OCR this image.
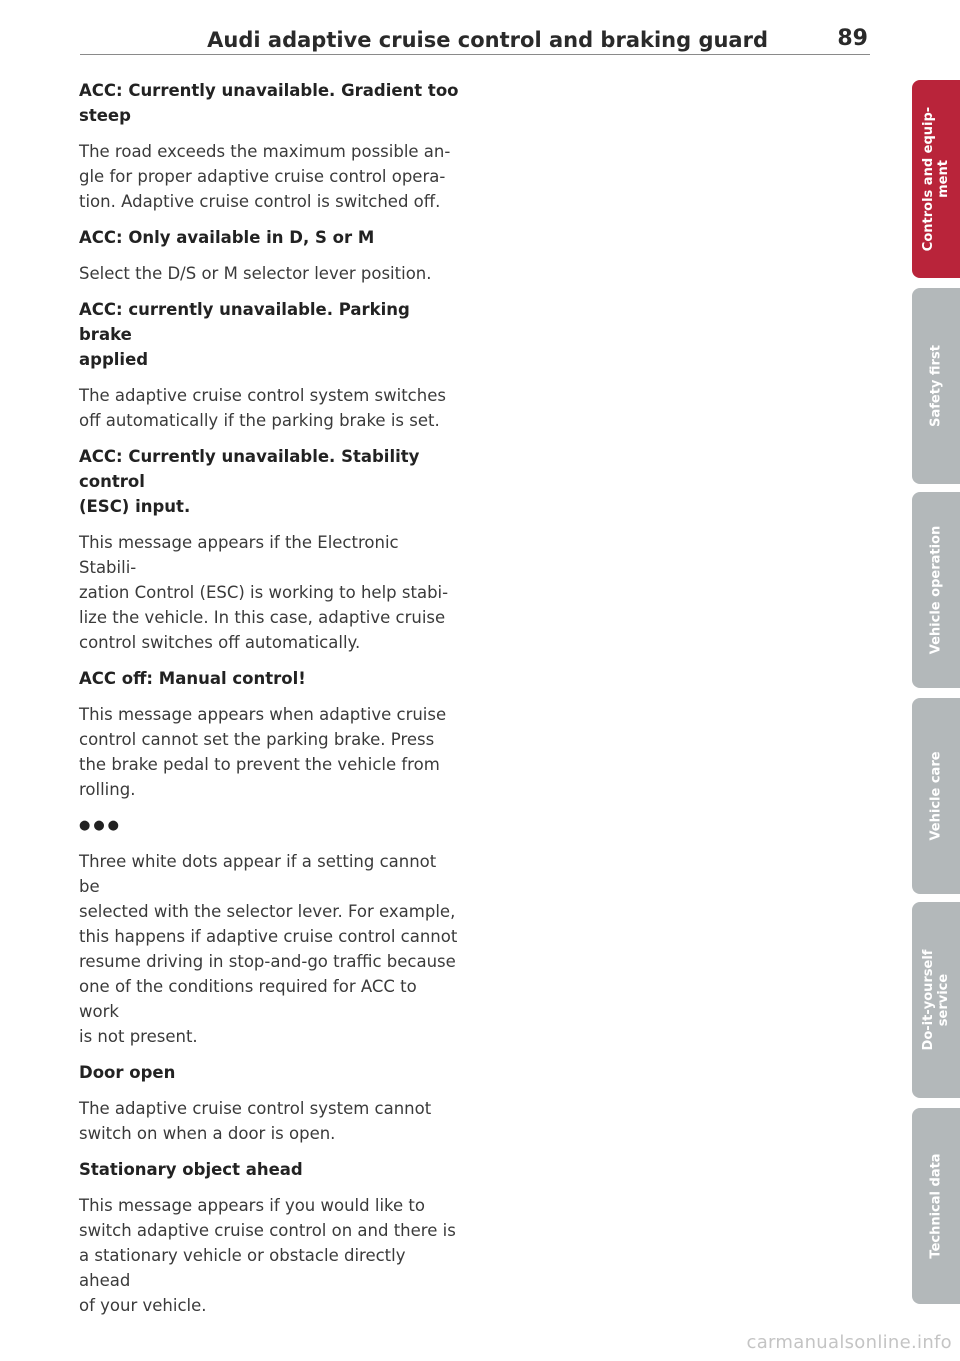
Audi adaptive cruise control and braking guard	89
ACC: Currently unavailable. Gradient too
steep
The road exceeds the maximum possible an-
gle for proper adaptive cruise control opera-
tion. Adaptive cruise control is switched off.
ACC: Only available in D, S or M
Select the D/S or M selector lever position.
ACC: currently unavailable. Parking brake
applied
The adaptive cruise control system switches
off automatically if the parking brake is set.
ACC: Currently unavailable. Stability control
(ESC) input.
This message appears if the Electronic Stabili-
zation Control (ESC) is working to help stabi-
lize the vehicle. In this case, adaptive cruise
control switches off automatically.
ACC off: Manual control!
This message appears when adaptive cruise
control cannot set the parking brake. Press
the brake pedal to prevent the vehicle from
rolling.
●●●
Three white dots appear if a setting cannot be
selected with the selector lever. For example,
this happens if adaptive cruise control cannot
resume driving in stop-and-go traffic because
one of the conditions required for ACC to work
is not present.
Door open
The adaptive cruise control system cannot
switch on when a door is open.
Stationary object ahead
This message appears if you would like to
switch adaptive cruise control on and there is
a stationary vehicle or obstacle directly ahead
of your vehicle.
Controls and equip-
ment
Safety first
Vehicle operation
Vehicle care
Do-it-yourself
service
Technical data
carmanualsonline.info
